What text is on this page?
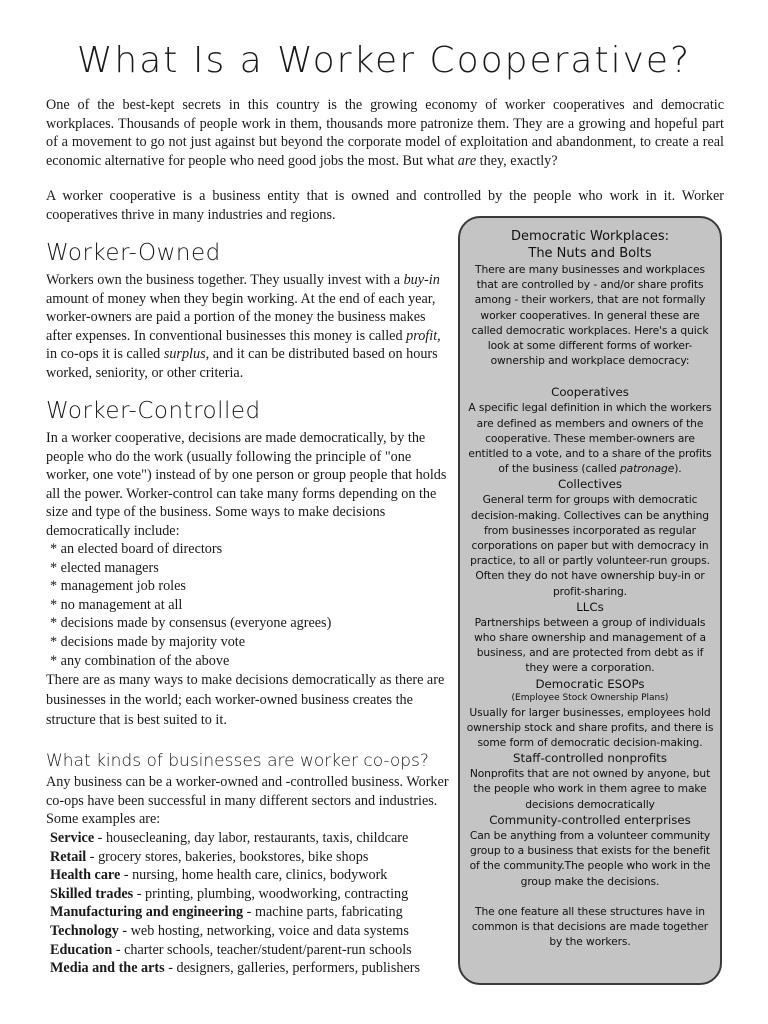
What Is a Worker Cooperative?

One of the best-kept secrets in this country is the growing economy of worker cooperatives and democratic workplaces. Thousands of people work in them, thousands more patronize them. They are a growing and hopeful part of a movement to go not just against but beyond the corporate model of exploitation and abandonment, to create a real economic alternative for people who need good jobs the most. But what are they, exactly?

A worker cooperative is a business entity that is owned and controlled by the people who work in it. Worker cooperatives thrive in many industries and regions.

Worker-Owned

Workers own the business together. They usually invest with a buy-in amount of money when they begin working. At the end of each year, worker-owners are paid a portion of the money the business makes after expenses. In conventional businesses this money is called profit, in co-ops it is called surplus, and it can be distributed based on hours worked, seniority, or other criteria.

Worker-Controlled

In a worker cooperative, decisions are made democratically, by the people who do the work (usually following the principle of "one worker, one vote") instead of by one person or group people that holds all the power. Worker-control can take many forms depending on the size and type of the business. Some ways to make decisions democratically include:

* an elected board of directors
* elected managers
* management job roles
* no management at all
* decisions made by consensus (everyone agrees)
* decisions made by majority vote
* any combination of the above

There are as many ways to make decisions democratically as there are businesses in the world; each worker-owned business creates the structure that is best suited to it.

What kinds of businesses are worker co-ops?

Any business can be a worker-owned and -controlled business. Worker co-ops have been successful in many different sectors and industries. Some examples are:

Service - housecleaning, day labor, restaurants, taxis, childcare
Retail - grocery stores, bakeries, bookstores, bike shops
Health care - nursing, home health care, clinics, bodywork
Skilled trades - printing, plumbing, woodworking, contracting
Manufacturing and engineering - machine parts, fabricating
Technology - web hosting, networking, voice and data systems
Education - charter schools, teacher/student/parent-run schools
Media and the arts - designers, galleries, performers, publishers

Democratic Workplaces:

The Nuts and Bolts

There are many businesses and workplaces that are controlled by - and/or share profits among - their workers, that are not formally worker cooperatives. In general these are called democratic workplaces. Here's a quick look at some different forms of worker-ownership and workplace democracy:

Cooperatives

A specific legal definition in which the workers are defined as members and owners of the cooperative. These member-owners are entitled to a vote, and to a share of the profits of the business (called patronage).

Collectives

General term for groups with democratic decision-making. Collectives can be anything from businesses incorporated as regular corporations on paper but with democracy in practice, to all or partly volunteer-run groups. Often they do not have ownership buy-in or profit-sharing.

LLCs

Partnerships between a group of individuals who share ownership and management of a business, and are protected from debt as if they were a corporation.

Democratic ESOPs

(Employee Stock Ownership Plans)

Usually for larger businesses, employees hold ownership stock and share profits, and there is some form of democratic decision-making.

Staff-controlled nonprofits

Nonprofits that are not owned by anyone, but the people who work in them agree to make decisions democratically

Community-controlled enterprises

Can be anything from a volunteer community group to a business that exists for the benefit of the community.The people who work in the group make the decisions.

The one feature all these structures have in common is that decisions are made together by the workers.
